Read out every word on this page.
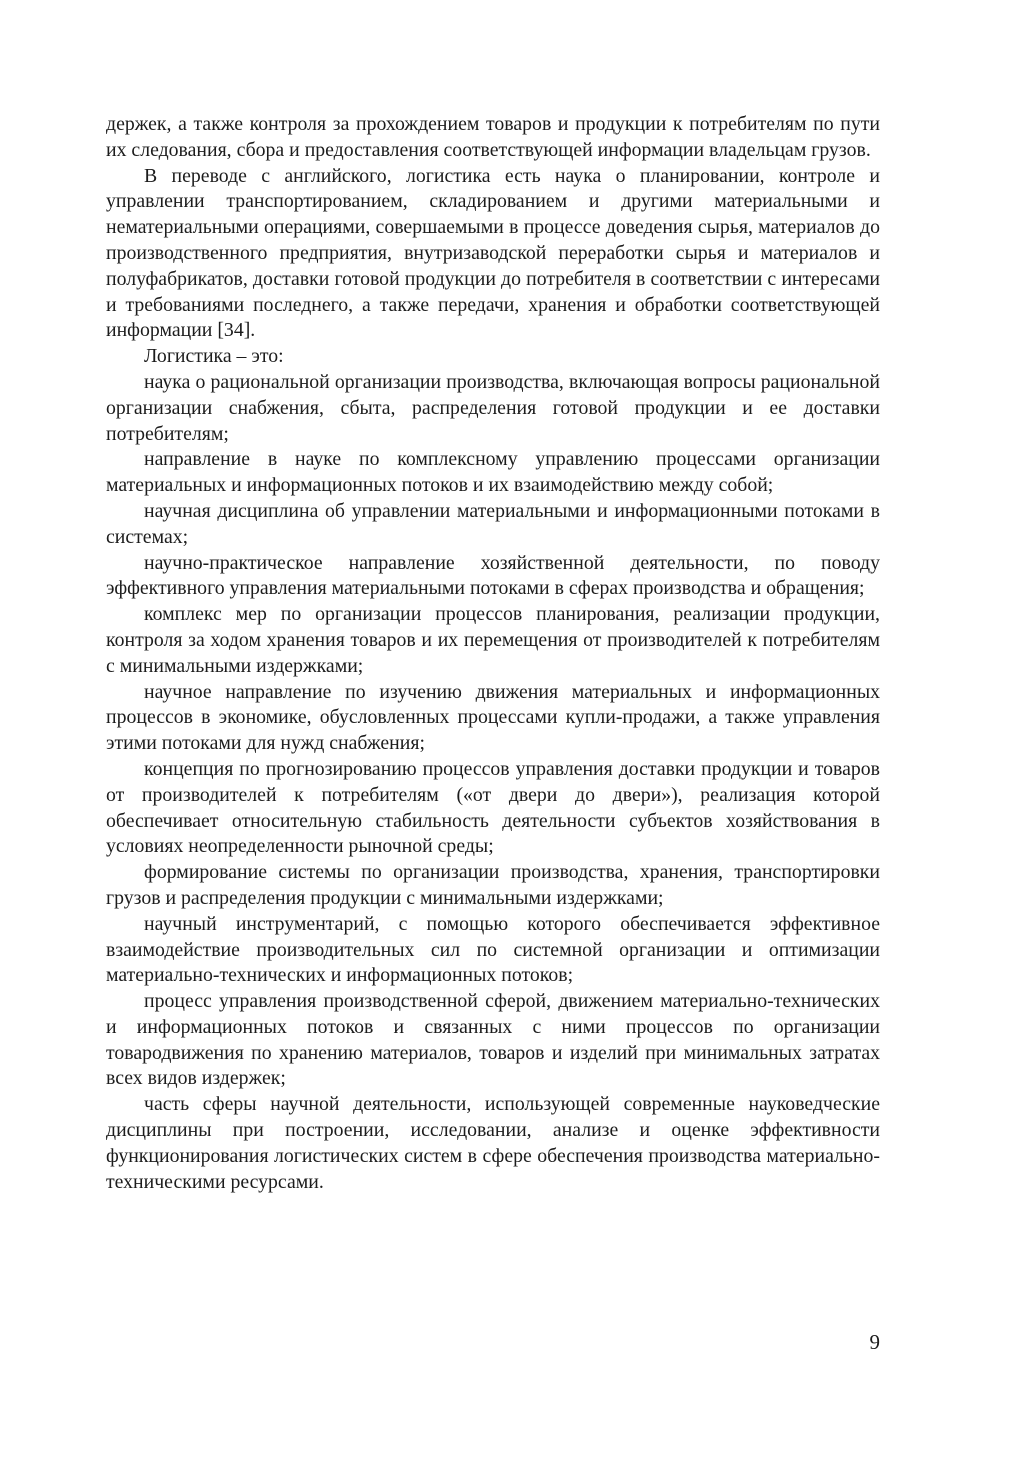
держек, а также контроля за прохождением товаров и продукции к потребителям по пути их следования, сбора и предоставления соответствующей информации владельцам грузов.

В переводе с английского, логистика есть наука о планировании, контроле и управлении транспортированием, складированием и другими материальными и нематериальными операциями, совершаемыми в процессе доведения сырья, материалов до производственного предприятия, внутризаводской переработки сырья и материалов и полуфабрикатов, доставки готовой продукции до потребителя в соответствии с интересами и требованиями последнего, а также передачи, хранения и обработки соответствующей информации [34].

Логистика – это:

наука о рациональной организации производства, включающая вопросы рациональной организации снабжения, сбыта, распределения готовой продукции и ее доставки потребителям;

направление в науке по комплексному управлению процессами организации материальных и информационных потоков и их взаимодействию между собой;

научная дисциплина об управлении материальными и информационными потоками в системах;

научно-практическое направление хозяйственной деятельности, по поводу эффективного управления материальными потоками в сферах производства и обращения;

комплекс мер по организации процессов планирования, реализации продукции, контроля за ходом хранения товаров и их перемещения от производителей к потребителям с минимальными издержками;

научное направление по изучению движения материальных и информационных процессов в экономике, обусловленных процессами купли-продажи, а также управления этими потоками для нужд снабжения;

концепция по прогнозированию процессов управления доставки продукции и товаров от производителей к потребителям («от двери до двери»), реализация которой обеспечивает относительную стабильность деятельности субъектов хозяйствования в условиях неопределенности рыночной среды;

формирование системы по организации производства, хранения, транспортировки грузов и распределения продукции с минимальными издержками;

научный инструментарий, с помощью которого обеспечивается эффективное взаимодействие производительных сил по системной организации и оптимизации материально-технических и информационных потоков;

процесс управления производственной сферой, движением материально-технических и информационных потоков и связанных с ними процессов по организации товародвижения по хранению материалов, товаров и изделий при минимальных затратах всех видов издержек;

часть сферы научной деятельности, использующей современные науковедческие дисциплины при построении, исследовании, анализе и оценке эффективности функционирования логистических систем в сфере обеспечения производства материально-техническими ресурсами.

9
